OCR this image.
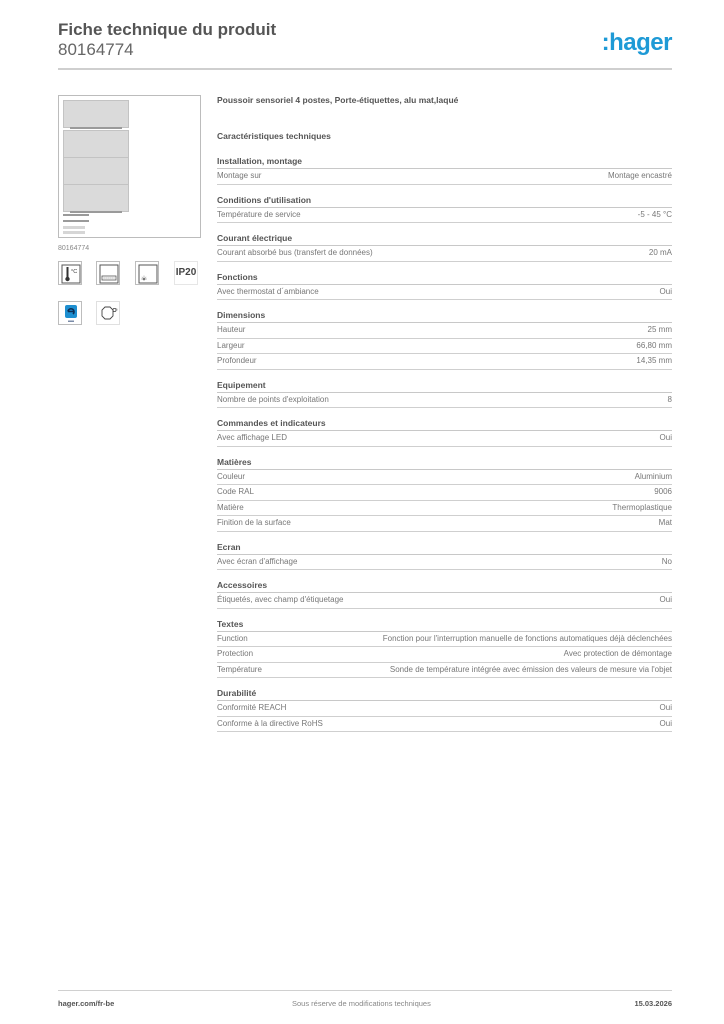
Fiche technique du produit
80164774	:hager
80164774
°C	IP20
n
Poussoir sensoriel 4 postes, Porte-étiquettes, alu mat,laqué
Caractéristiques techniques
Installation, montage
Montage sur	Montage encastré
Conditions d'utilisation
Température de service	-5 - 45 °C
Courant électrique
Courant absorbé bus (transfert de données)	20 mA
Fonctions
Avec thermostat d´ambiance	Oui
Dimensions
Hauteur	25 mm
Largeur	66,80 mm
Profondeur	14,35 mm
Equipement
Nombre de points d'exploitation	8
Commandes et indicateurs
Avec affichage LED	Oui
Matières
Couleur	Aluminium
Code RAL	9006
Matière	Thermoplastique
Finition de la surface	Mat
Ecran
Avec écran d'affichage	No
Accessoires
Étiquetés, avec champ d'étiquetage	Oui
Textes
Function	Fonction pour l'interruption manuelle de fonctions automatiques déjà déclenchées
Protection	Avec protection de démontage
Température	Sonde de température intégrée avec émission des valeurs de mesure via l'objet
Durabilité
Conformité REACH	Oui
Conforme à la directive RoHS	Oui
hager.com/fr-be	Sous réserve de modifications techniques	15.03.2026
